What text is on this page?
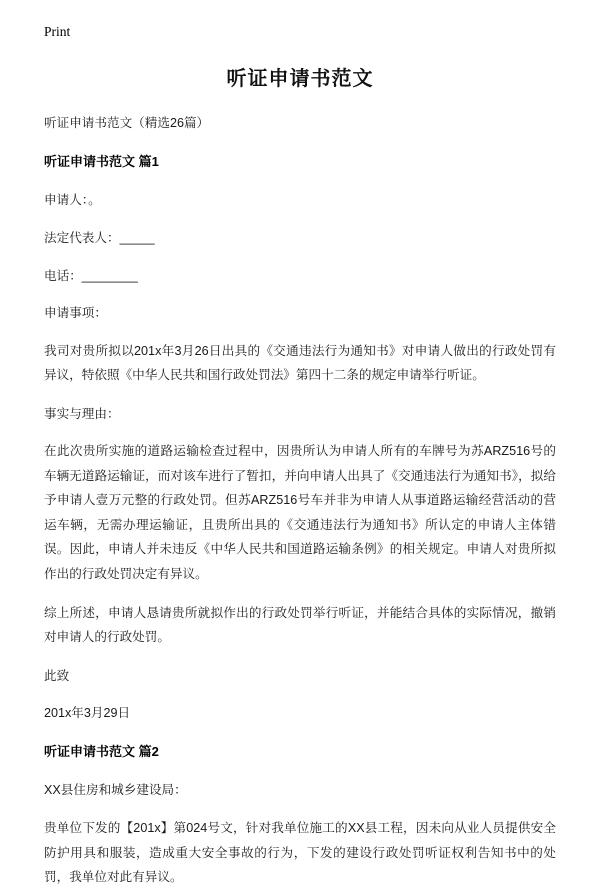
Print
听证申请书范文

听证申请书范文（精选26篇）

听证申请书范文 篇1

申请人：。

法定代表人：_____

电话：________

申请事项：

我司对贵所拟以201x年3月26日出具的《交通违法行为通知书》对申请人做出的行政处罚有异议，特依照《中华人民共和国行政处罚法》第四十二条的规定申请举行听证。

事实与理由：

在此次贵所实施的道路运输检查过程中，因贵所认为申请人所有的车牌号为苏ARZ516号的车辆无道路运输证，而对该车进行了暂扣，并向申请人出具了《交通违法行为通知书》，拟给予申请人壹万元整的行政处罚。但苏ARZ516号车并非为申请人从事道路运输经营活动的营运车辆，无需办理运输证，且贵所出具的《交通违法行为通知书》所认定的申请人主体错误。因此，申请人并未违反《中华人民共和国道路运输条例》的相关规定。申请人对贵所拟作出的行政处罚决定有异议。

综上所述，申请人恳请贵所就拟作出的行政处罚举行听证，并能结合具体的实际情况，撤销对申请人的行政处罚。

此致

201x年3月29日

听证申请书范文 篇2

XX县住房和城乡建设局：

贵单位下发的【201x】第024号文，针对我单位施工的XX县工程，因未向从业人员提供安全防护用具和服装，造成重大安全事故的行为，下发的建设行政处罚听证权利告知书中的处罚，我单位对此有异议。
